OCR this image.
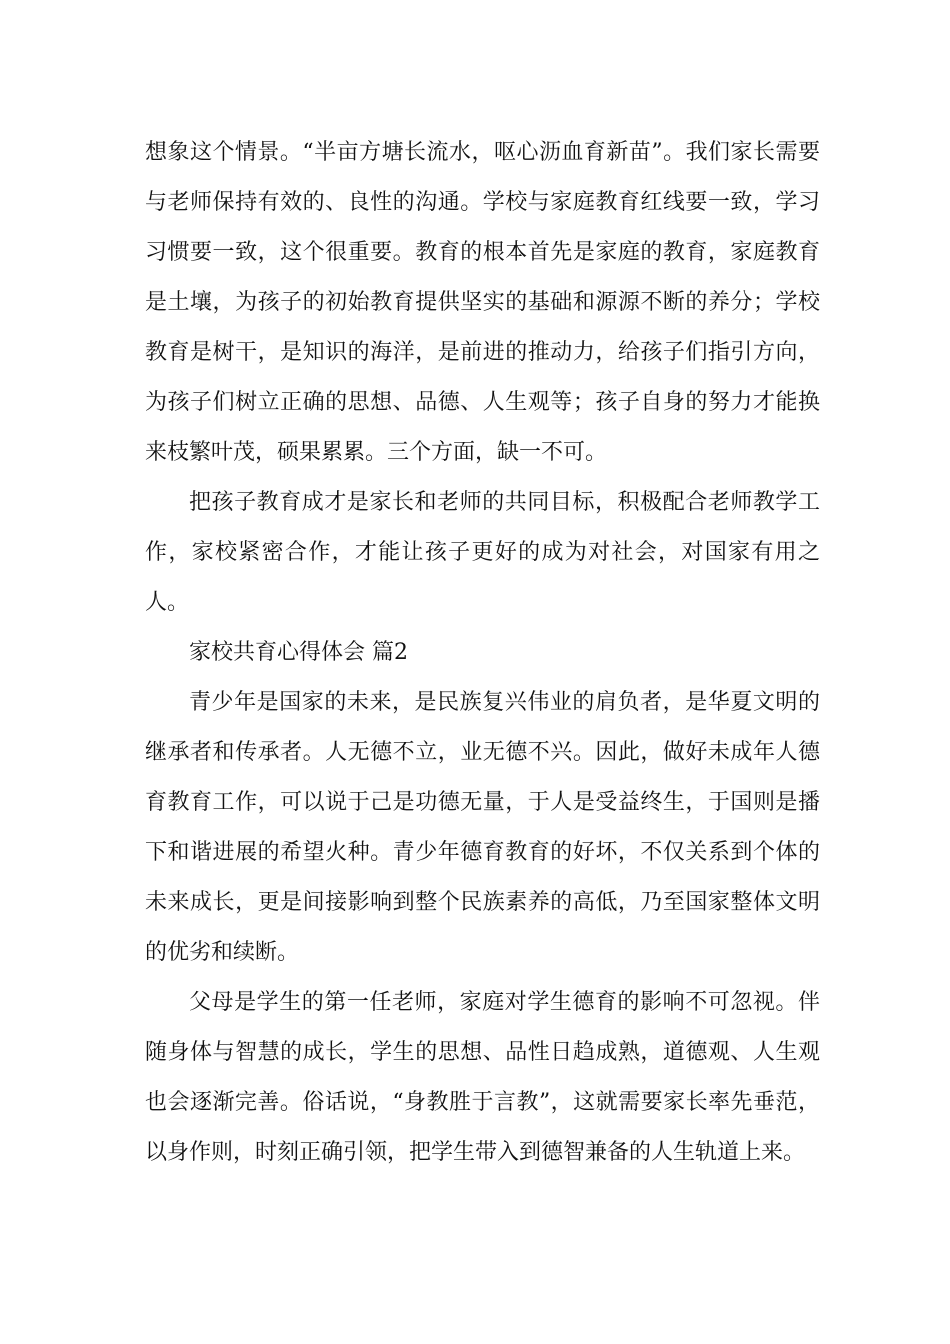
想象这个情景。“半亩方塘长流水，呕心沥血育新苗”。我们家长需要与老师保持有效的、良性的沟通。学校与家庭教育红线要一致，学习习惯要一致，这个很重要。教育的根本首先是家庭的教育，家庭教育是土壤，为孩子的初始教育提供坚实的基础和源源不断的养分；学校教育是树干，是知识的海洋，是前进的推动力，给孩子们指引方向，为孩子们树立正确的思想、品德、人生观等；孩子自身的努力才能换来枝繁叶茂，硕果累累。三个方面，缺一不可。

把孩子教育成才是家长和老师的共同目标，积极配合老师教学工作，家校紧密合作，才能让孩子更好的成为对社会，对国家有用之人。

家校共育心得体会 篇2

青少年是国家的未来，是民族复兴伟业的肩负者，是华夏文明的继承者和传承者。人无德不立，业无德不兴。因此，做好未成年人德育教育工作，可以说于己是功德无量，于人是受益终生，于国则是播下和谐进展的希望火种。青少年德育教育的好坏，不仅关系到个体的未来成长，更是间接影响到整个民族素养的高低，乃至国家整体文明的优劣和续断。

父母是学生的第一任老师，家庭对学生德育的影响不可忽视。伴随身体与智慧的成长，学生的思想、品性日趋成熟，道德观、人生观也会逐渐完善。俗话说，“身教胜于言教”，这就需要家长率先垂范，以身作则，时刻正确引领，把学生带入到德智兼备的人生轨道上来。
